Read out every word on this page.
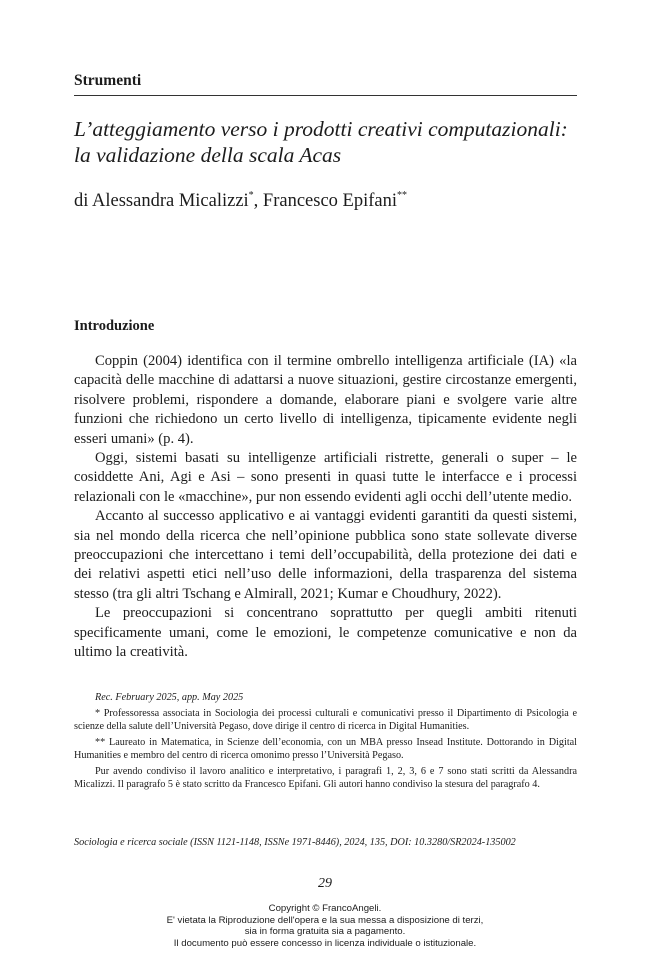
Strumenti
L’atteggiamento verso i prodotti creativi computazionali: la validazione della scala Acas
di Alessandra Micalizzi*, Francesco Epifani**
Introduzione

Coppin (2004) identifica con il termine ombrello intelligenza artificiale (IA) «la capacità delle macchine di adattarsi a nuove situazioni, gestire circostanze emergenti, risolvere problemi, rispondere a domande, elaborare piani e svolgere varie altre funzioni che richiedono un certo livello di intelligenza, tipicamente evidente negli esseri umani» (p. 4).

Oggi, sistemi basati su intelligenze artificiali ristrette, generali o super – le cosiddette Ani, Agi e Asi – sono presenti in quasi tutte le interfacce e i processi relazionali con le «macchine», pur non essendo evidenti agli occhi dell’utente medio.

Accanto al successo applicativo e ai vantaggi evidenti garantiti da questi sistemi, sia nel mondo della ricerca che nell’opinione pubblica sono state sollevate diverse preoccupazioni che intercettano i temi dell’occupabilità, della protezione dei dati e dei relativi aspetti etici nell’uso delle informazioni, della trasparenza del sistema stesso (tra gli altri Tschang e Almirall, 2021; Kumar e Choudhury, 2022).

Le preoccupazioni si concentrano soprattutto per quegli ambiti ritenuti specificamente umani, come le emozioni, le competenze comunicative e non da ultimo la creatività.

Rec. February 2025, app. May 2025

* Professoressa associata in Sociologia dei processi culturali e comunicativi presso il Dipartimento di Psicologia e scienze della salute dell’Università Pegaso, dove dirige il centro di ricerca in Digital Humanities.

** Laureato in Matematica, in Scienze dell’economia, con un MBA presso Insead Institute. Dottorando in Digital Humanities e membro del centro di ricerca omonimo presso l’Università Pegaso.

Pur avendo condiviso il lavoro analitico e interpretativo, i paragrafi 1, 2, 3, 6 e 7 sono stati scritti da Alessandra Micalizzi. Il paragrafo 5 è stato scritto da Francesco Epifani. Gli autori hanno condiviso la stesura del paragrafo 4.

Sociologia e ricerca sociale (ISSN 1121-1148, ISSNe 1971-8446), 2024, 135, DOI: 10.3280/SR2024-135002
29
Copyright © FrancoAngeli.
E' vietata la Riproduzione dell'opera e la sua messa a disposizione di terzi,
sia in forma gratuita sia a pagamento.
Il documento può essere concesso in licenza individuale o istituzionale.
